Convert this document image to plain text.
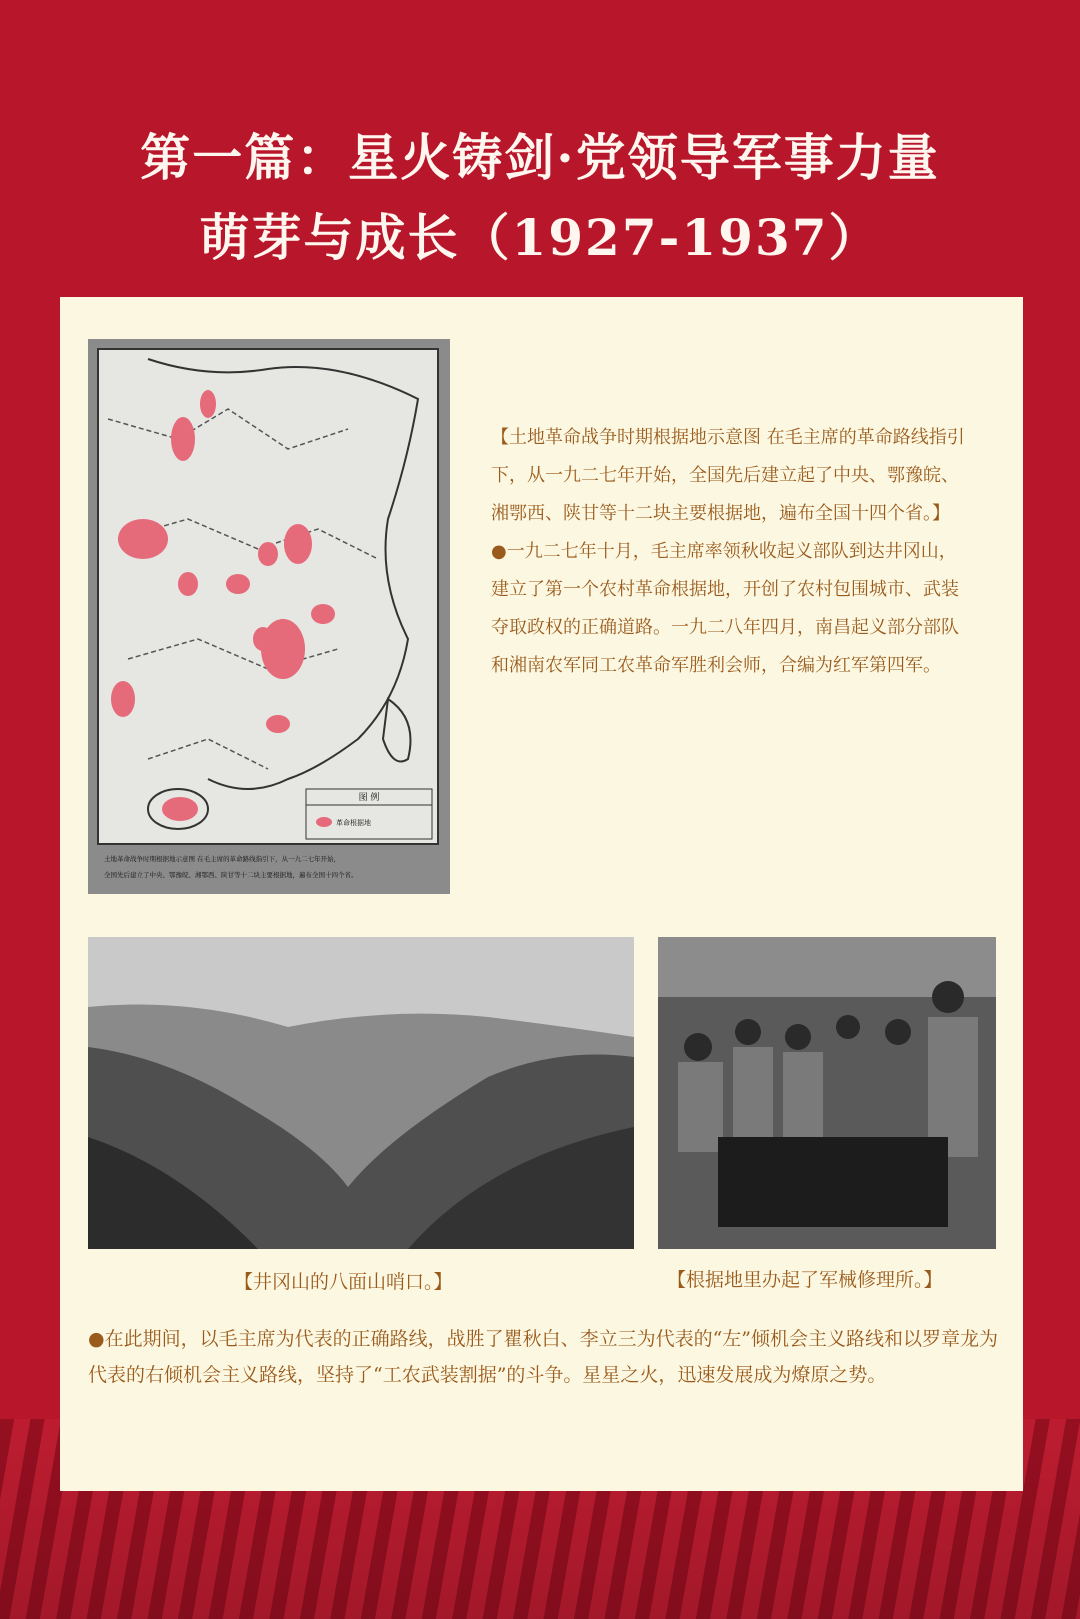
第一篇：星火铸剑·党领导军事力量
萌芽与成长（1927-1937）
图 例
革命根据地
土地革命战争时期根据地示意图 在毛主席的革命路线指引下，从一九二七年开始，
全国先后建立了中央、鄂豫皖、湘鄂西、陕甘等十二块主要根据地，遍布全国十四个省。

【土地革命战争时期根据地示意图 在毛主席的革命路线指引下，从一九二七年开始，全国先后建立起了中央、鄂豫皖、湘鄂西、陕甘等十二块主要根据地，遍布全国十四个省。】

●一九二七年十月，毛主席率领秋收起义部队到达井冈山，建立了第一个农村革命根据地，开创了农村包围城市、武装夺取政权的正确道路。一九二八年四月，南昌起义部分部队和湘南农军同工农革命军胜利会师，合编为红军第四军。

【井冈山的八面山哨口。】	【根据地里办起了军械修理所。】

●在此期间，以毛主席为代表的正确路线，战胜了瞿秋白、李立三为代表的“左”倾机会主义路线和以罗章龙为代表的右倾机会主义路线，坚持了“工农武装割据”的斗争。星星之火，迅速发展成为燎原之势。
